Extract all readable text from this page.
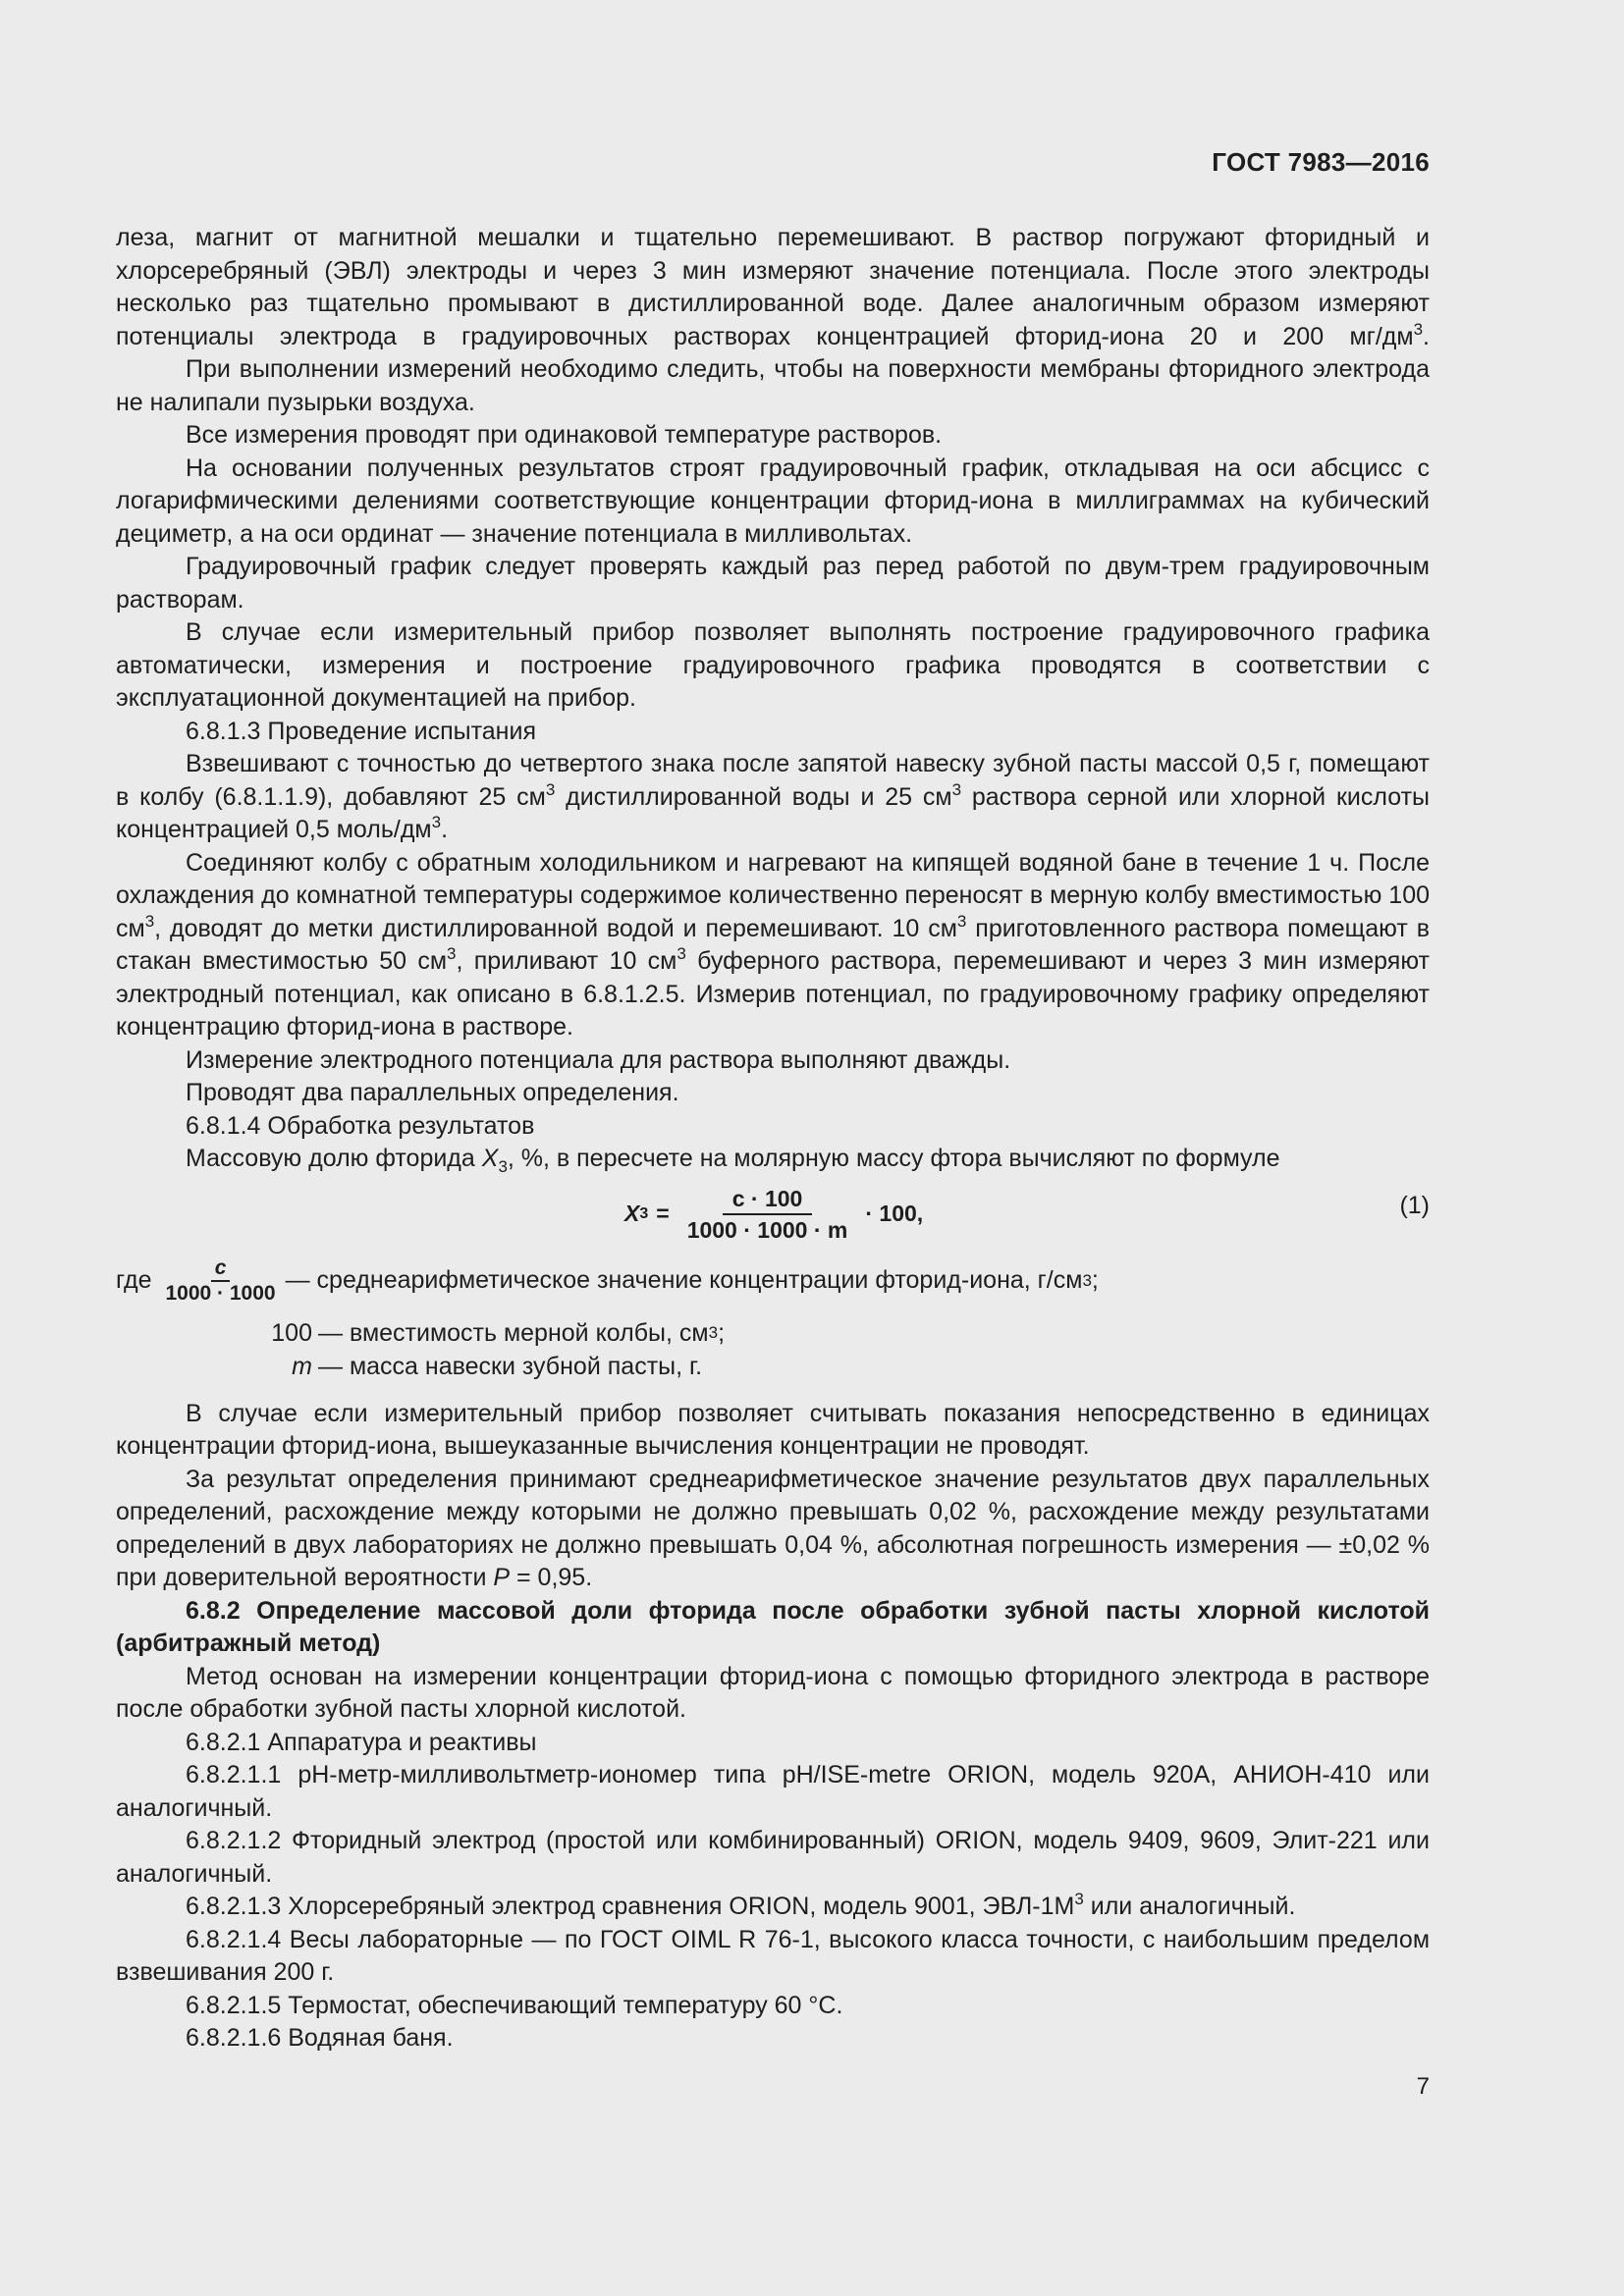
ГОСТ 7983—2016

леза, магнит от магнитной мешалки и тщательно перемешивают. В раствор погружают фторидный и хлорсеребряный (ЭВЛ) электроды и через 3 мин измеряют значение потенциала. После этого электроды несколько раз тщательно промывают в дистиллированной воде. Далее аналогичным образом измеряют потенциалы электрода в градуировочных растворах концентрацией фторид-иона 20 и 200 $мг/дм^3$.

При выполнении измерений необходимо следить, чтобы на поверхности мембраны фторидного электрода не налипали пузырьки воздуха.

Все измерения проводят при одинаковой температуре растворов.

На основании полученных результатов строят градуировочный график, откладывая на оси абсцисс с логарифмическими делениями соответствующие концентрации фторид-иона в миллиграммах на кубический дециметр, а на оси ординат — значение потенциала в милливольтах.

Градуировочный график следует проверять каждый раз перед работой по двум-трем градуировочным растворам.

В случае если измерительный прибор позволяет выполнять построение градуировочного графика автоматически, измерения и построение градуировочного графика проводятся в соответствии с эксплуатационной документацией на прибор.

6.8.1.3 Проведение испытания

Взвешивают с точностью до четвертого знака после запятой навеску зубной пасты массой 0,5 г, помещают в колбу (6.8.1.1.9), добавляют 25 $см^3$ дистиллированной воды и 25 $см^3$ раствора серной или хлорной кислоты концентрацией 0,5 моль/$дм^3$.

Соединяют колбу с обратным холодильником и нагревают на кипящей водяной бане в течение 1 ч. После охлаждения до комнатной температуры содержимое количественно переносят в мерную колбу вместимостью 100 $см^3$, доводят до метки дистиллированной водой и перемешивают. 10 $см^3$ приготовленного раствора помещают в стакан вместимостью 50 $см^3$, приливают 10 $см^3$ буферного раствора, перемешивают и через 3 мин измеряют электродный потенциал, как описано в 6.8.1.2.5. Измерив потенциал, по градуировочному графику определяют концентрацию фторид-иона в растворе.

Измерение электродного потенциала для раствора выполняют дважды.

Проводят два параллельных определения.

6.8.1.4 Обработка результатов

Массовую долю фторида $X_3$, %, в пересчете на молярную массу фтора вычисляют по формуле

X $3 = \frac{c \cdot 100}{1000 \cdot 1000 \cdot m} \cdot 100$,	(1)
где $\frac{c}{1000 \cdot 1000}$ — среднеарифметическое значение концентрации фторид-иона, г/см 3 ;
100 — вместимость мерной колбы, см 3 ;
m — масса навески зубной пасты, г.

В случае если измерительный прибор позволяет считывать показания непосредственно в единицах концентрации фторид-иона, вышеуказанные вычисления концентрации не проводят.

За результат определения принимают среднеарифметическое значение результатов двух параллельных определений, расхождение между которыми не должно превышать 0,02 %, расхождение между результатами определений в двух лабораториях не должно превышать 0,04 %, абсолютная погрешность измерения — ±0,02 % при доверительной вероятности P = 0,95.

6.8.2 Определение массовой доли фторида после обработки зубной пасты хлорной кислотой (арбитражный метод)

Метод основан на измерении концентрации фторид-иона с помощью фторидного электрода в растворе после обработки зубной пасты хлорной кислотой.

6.8.2.1 Аппаратура и реактивы

6.8.2.1.1 pH-метр-милливольтметр-иономер типа pH/ISE-metre ORION, модель 920А, АНИОН-410 или аналогичный.

6.8.2.1.2 Фторидный электрод (простой или комбинированный) ORION, модель 9409, 9609, Элит-221 или аналогичный.

6.8.2.1.3 Хлорсеребряный электрод сравнения ORION, модель 9001, ЭВЛ-$1М^3$ или аналогичный.

6.8.2.1.4 Весы лабораторные — по ГОСТ OIML R 76-1, высокого класса точности, с наибольшим пределом взвешивания 200 г.

6.8.2.1.5 Термостат, обеспечивающий температуру 60 °С.

6.8.2.1.6 Водяная баня.

7
